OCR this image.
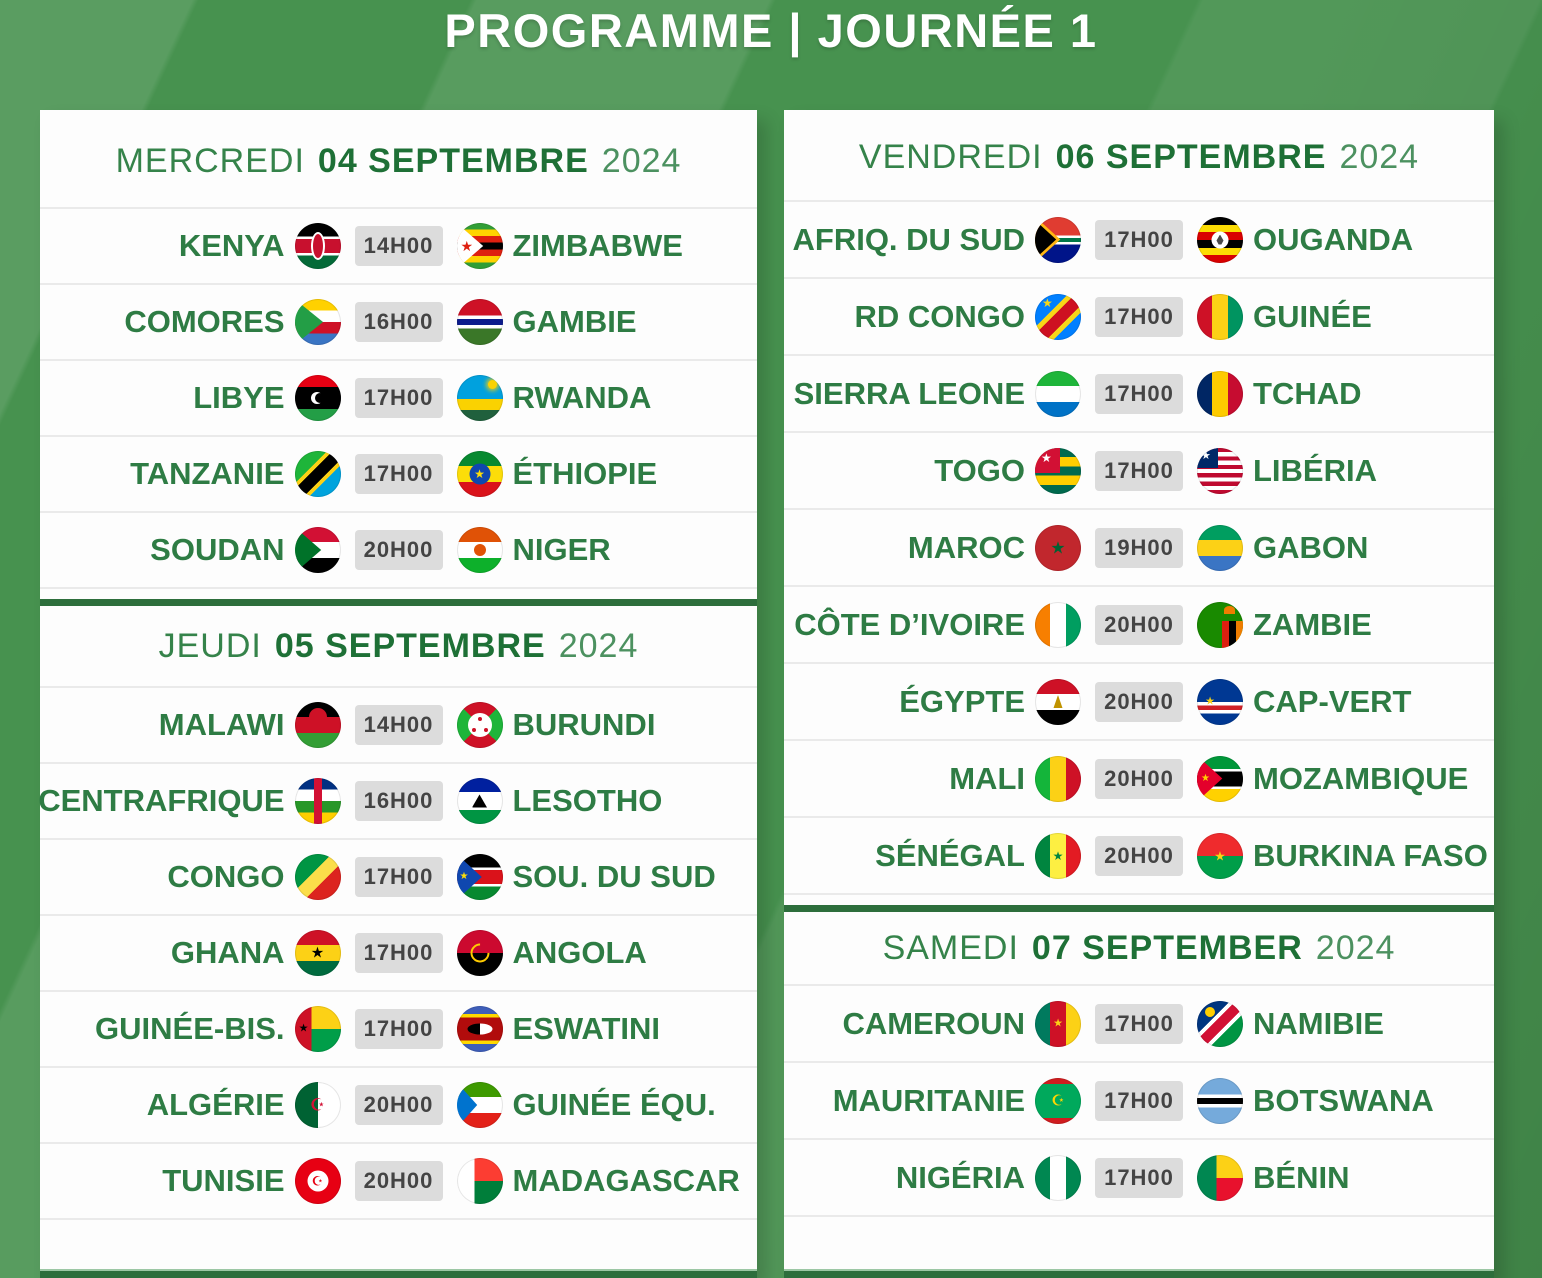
PROGRAMME | JOURNÉE 1
MERCREDI 04 SEPTEMBRE 2024
KENYA	14H00 ★	ZIMBABWE
COMORES	16H00	GAMBIE
LIBYE	17H00	RWANDA
TANZANIE	17H00 ★	ÉTHIOPIE
SOUDAN	20H00	NIGER
JEUDI 05 SEPTEMBRE 2024
MALAWI	14H00	BURUNDI
CENTRAFRIQUE	16H00	LESOTHO
CONGO	17H00 ★	SOU. DU SUD
GHANA ★	17H00	ANGOLA
GUINÉE-BIS. ★	17H00	ESWATINI
ALGÉRIE ☪	20H00	GUINÉE ÉQU.
TUNISIE ☪	20H00	MADAGASCAR
VENDREDI 06 SEPTEMBRE 2024
AFRIQ. DU SUD	17H00	OUGANDA
RD CONGO ★	17H00	GUINÉE
SIERRA LEONE	17H00	TCHAD
TOGO ★	17H00 ★	LIBÉRIA
MAROC ★	19H00	GABON
CÔTE D’IVOIRE	20H00	ZAMBIE
ÉGYPTE	20H00 ★	CAP-VERT
MALI	20H00 ★	MOZAMBIQUE
SÉNÉGAL ★	20H00 ★	BURKINA FASO
SAMEDI 07 SEPTEMBER 2024
CAMEROUN ★	17H00	NAMIBIE
MAURITANIE ☪	17H00	BOTSWANA
NIGÉRIA	17H00	BÉNIN
